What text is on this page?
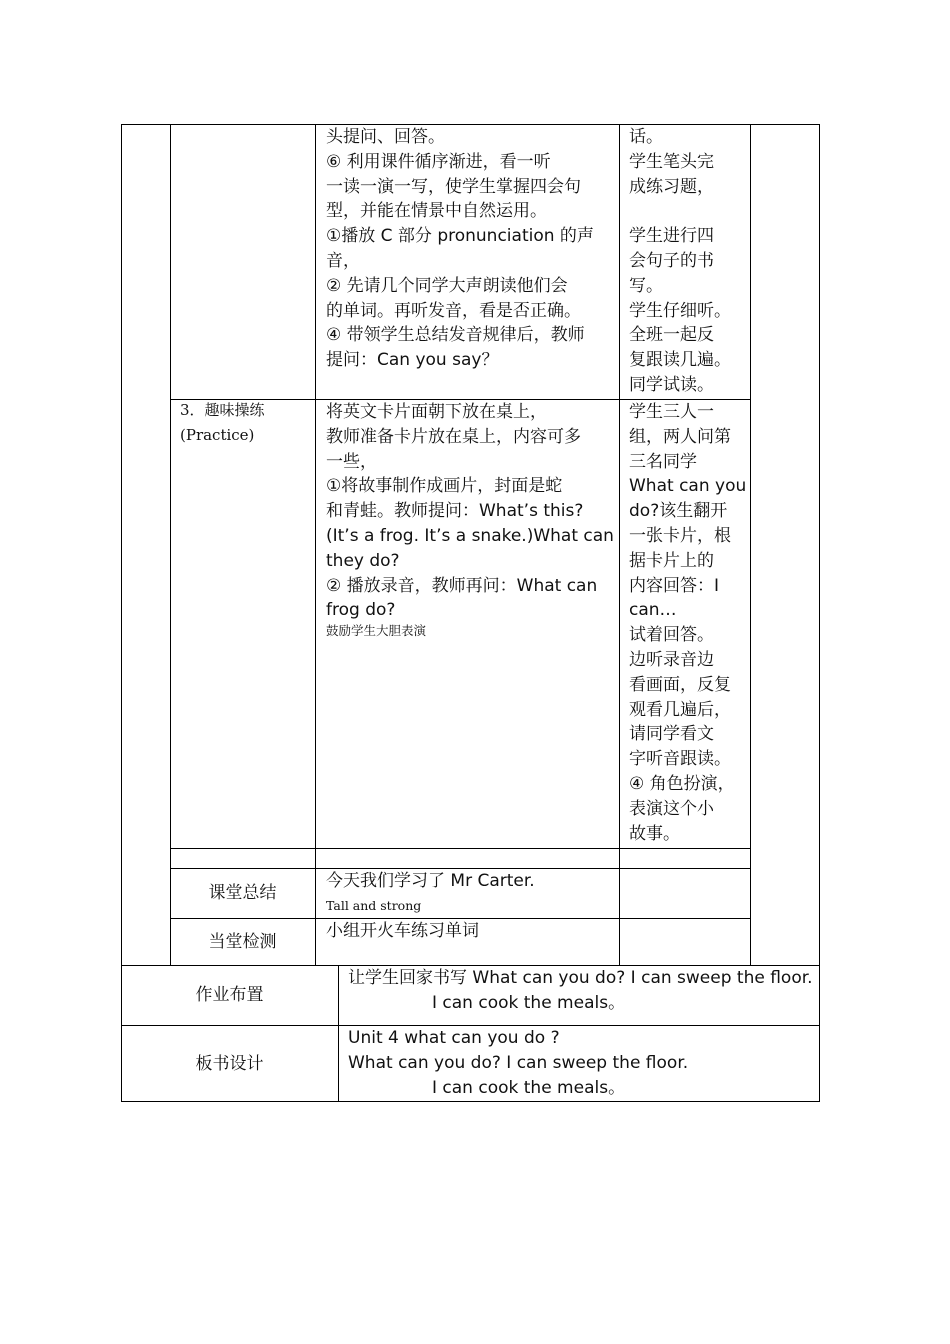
头提问、回答。
⑥ 利用课件循序渐进，看一听
一读一演一写，使学生掌握四会句
型，并能在情景中自然运用。
①播放 C 部分 pronunciation 的声
音，
② 先请几个同学大声朗读他们会
的单词。再听发音，看是否正确。
④ 带领学生总结发音规律后，教师
提问：Can you say？
话。
学生笔头完
成练习题，
学生进行四
会句子的书
写。
学生仔细听。
全班一起反
复跟读几遍。
同学试读。
3．趣味操练
(Practice)
将英文卡片面朝下放在桌上，
教师准备卡片放在桌上，内容可多
一些，
①将故事制作成画片，封面是蛇
和青蛙。教师提问：What’s this?
(It’s a frog. It’s a snake.)What can
they do?
② 播放录音，教师再问：What can
frog do?
鼓励学生大胆表演
学生三人一
组，两人问第
三名同学
What can you
do?该生翻开
一张卡片，根
据卡片上的
内容回答：I
can…
试着回答。
边听录音边
看画面，反复
观看几遍后，
请同学看文
字听音跟读。
④ 角色扮演，
表演这个小
故事。
课堂总结
今天我们学习了 Mr Carter.
Tall and strong
当堂检测
小组开火车练习单词
作业布置
让学生回家书写 What can you do? I can sweep the floor.
I can cook the meals。
板书设计
Unit 4 what can you do ?
What can you do? I can sweep the floor.
I can cook the meals。
